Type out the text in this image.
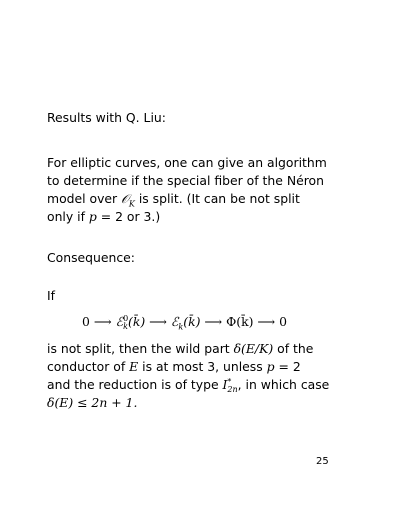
Results with Q. Liu:
For elliptic curves, one can give an algorithm
to determine if the special fiber of the Néron
model over 𝒪$_K$ is split. (It can be not split
only if p = 2 or 3.)
Consequence:
If
0 ⟶ ℰ$^0_k$(k̄) ⟶ ℰ$_k$(k̄) ⟶ Φ(k̄) ⟶ 0
is not split, then the wild part δ(E/K) of the
conductor of E is at most 3, unless p = 2
and the reduction is of type $I^*_{2n}$, in which case
δ(E) ≤ 2n + 1.
25
